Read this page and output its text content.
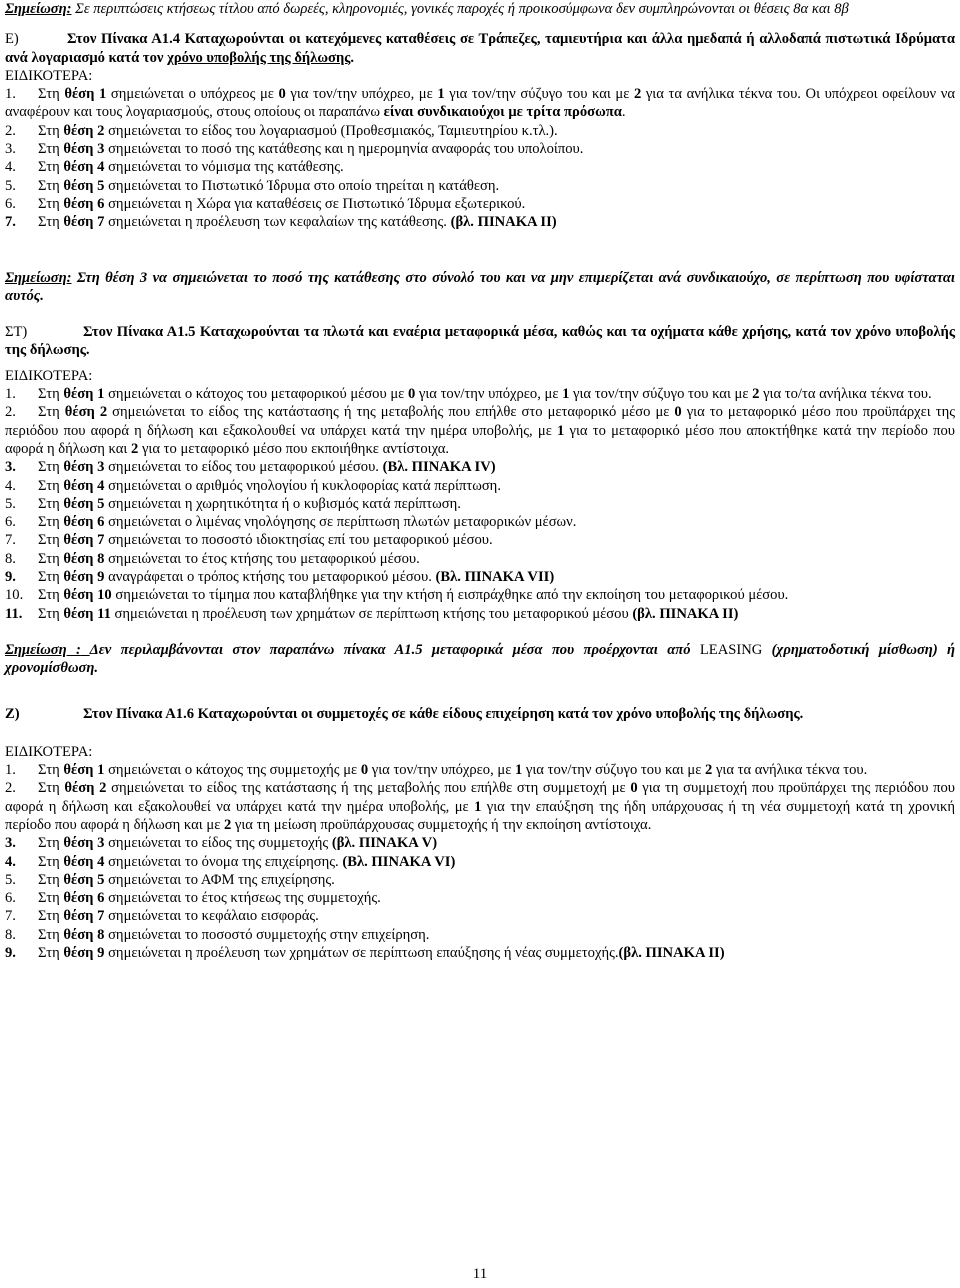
Σημείωση: Σε περιπτώσεις κτήσεως τίτλου από δωρεές, κληρονομιές, γονικές παροχές ή προικοσύμφωνα δεν συμπληρώνονται οι θέσεις 8α και 8β

Ε)	Στον Πίνακα Α1.4 Καταχωρούνται οι κατεχόμενες καταθέσεις σε Τράπεζες, ταμιευτήρια και άλλα ημεδαπά ή αλλοδαπά πιστωτικά Ιδρύματα ανά λογαριασμό κατά τον χρόνο υποβολής της δήλωσης.

ΕΙΔΙΚΟΤΕΡΑ:

1. Στη θέση 1 σημειώνεται ο υπόχρεος με 0 για τον/την υπόχρεο, με 1 για τον/την σύζυγο του και με 2 για τα ανήλικα τέκνα του. Οι υπόχρεοι οφείλουν να αναφέρουν και τους λογαριασμούς, στους οποίους οι παραπάνω είναι συνδικαιούχοι με τρίτα πρόσωπα.

2. Στη θέση 2 σημειώνεται το είδος του λογαριασμού (Προθεσμιακός, Ταμιευτηρίου κ.τλ.).

3. Στη θέση 3 σημειώνεται το ποσό της κατάθεσης και η ημερομηνία αναφοράς του υπολοίπου.

4. Στη θέση 4 σημειώνεται το νόμισμα της κατάθεσης.

5. Στη θέση 5 σημειώνεται το Πιστωτικό Ίδρυμα στο οποίο τηρείται η κατάθεση.

6. Στη θέση 6 σημειώνεται η Χώρα για καταθέσεις σε Πιστωτικό Ίδρυμα εξωτερικού.

7. Στη θέση 7 σημειώνεται η προέλευση των κεφαλαίων της κατάθεσης. (βλ. ΠΙΝΑΚΑ ΙΙ)

Σημείωση: Στη θέση 3 να σημειώνεται το ποσό της κατάθεσης στο σύνολό του και να μην επιμερίζεται ανά συνδικαιούχο, σε περίπτωση που υφίσταται αυτός.

ΣΤ)	Στον Πίνακα Α1.5 Καταχωρούνται τα πλωτά και εναέρια μεταφορικά μέσα, καθώς και τα οχήματα κάθε χρήσης, κατά τον χρόνο υποβολής της δήλωσης.

ΕΙΔΙΚΟΤΕΡΑ:

1. Στη θέση 1 σημειώνεται ο κάτοχος του μεταφορικού μέσου με 0 για τον/την υπόχρεο, με 1 για τον/την σύζυγο του και με 2 για το/τα ανήλικα τέκνα του.

2. Στη θέση 2 σημειώνεται το είδος της κατάστασης ή της μεταβολής που επήλθε στο μεταφορικό μέσο με 0 για το μεταφορικό μέσο που προϋπάρχει της περιόδου που αφορά η δήλωση και εξακολουθεί να υπάρχει κατά την ημέρα υποβολής, με 1 για το μεταφορικό μέσο που αποκτήθηκε κατά την περίοδο που αφορά η δήλωση και 2 για το μεταφορικό μέσο που εκποιήθηκε αντίστοιχα.

3. Στη θέση 3 σημειώνεται το είδος του μεταφορικού μέσου. (Βλ. ΠΙΝΑΚΑ ΙV)

4. Στη θέση 4 σημειώνεται ο αριθμός νηολογίου ή κυκλοφορίας κατά περίπτωση.

5. Στη θέση 5 σημειώνεται η χωρητικότητα ή ο κυβισμός κατά περίπτωση.

6. Στη θέση 6 σημειώνεται ο λιμένας νηολόγησης σε περίπτωση πλωτών μεταφορικών μέσων.

7. Στη θέση 7 σημειώνεται το ποσοστό ιδιοκτησίας επί του μεταφορικού μέσου.

8. Στη θέση 8 σημειώνεται το έτος κτήσης του μεταφορικού μέσου.

9. Στη θέση 9 αναγράφεται ο τρόπος κτήσης του μεταφορικού μέσου. (Βλ. ΠΙΝΑΚΑ VII)

10. Στη θέση 10 σημειώνεται το τίμημα που καταβλήθηκε για την κτήση ή εισπράχθηκε από την εκποίηση του μεταφορικού μέσου.

11. Στη θέση 11 σημειώνεται η προέλευση των χρημάτων σε περίπτωση κτήσης του μεταφορικού μέσου (βλ. ΠΙΝΑΚΑ ΙΙ)

Σημείωση : Δεν περιλαμβάνονται στον παραπάνω πίνακα Α1.5 μεταφορικά μέσα που προέρχονται από LEASING (χρηματοδοτική μίσθωση) ή χρονομίσθωση.

Ζ)	Στον Πίνακα Α1.6 Καταχωρούνται οι συμμετοχές σε κάθε είδους επιχείρηση κατά τον χρόνο υποβολής της δήλωσης.

ΕΙΔΙΚΟΤΕΡΑ:

1. Στη θέση 1 σημειώνεται ο κάτοχος της συμμετοχής με 0 για τον/την υπόχρεο, με 1 για τον/την σύζυγο του και με 2 για τα ανήλικα τέκνα του.

2. Στη θέση 2 σημειώνεται το είδος της κατάστασης ή της μεταβολής που επήλθε στη συμμετοχή με 0 για τη συμμετοχή που προϋπάρχει της περιόδου που αφορά η δήλωση και εξακολουθεί να υπάρχει κατά την ημέρα υποβολής, με 1 για την επαύξηση της ήδη υπάρχουσας ή τη νέα συμμετοχή κατά τη χρονική περίοδο που αφορά η δήλωση και με 2 για τη μείωση προϋπάρχουσας συμμετοχής ή την εκποίηση αντίστοιχα.

3. Στη θέση 3 σημειώνεται το είδος της συμμετοχής (βλ. ΠΙΝΑΚΑ V)

4. Στη θέση 4 σημειώνεται το όνομα της επιχείρησης. (Βλ. ΠΙΝΑΚΑ VI)

5. Στη θέση 5 σημειώνεται το ΑΦΜ της επιχείρησης.

6. Στη θέση 6 σημειώνεται το έτος κτήσεως της συμμετοχής.

7. Στη θέση 7 σημειώνεται το κεφάλαιο εισφοράς.

8. Στη θέση 8 σημειώνεται το ποσοστό συμμετοχής στην επιχείρηση.

9. Στη θέση 9 σημειώνεται η προέλευση των χρημάτων σε περίπτωση επαύξησης ή νέας συμμετοχής.(βλ. ΠΙΝΑΚΑ ΙΙ)

11
